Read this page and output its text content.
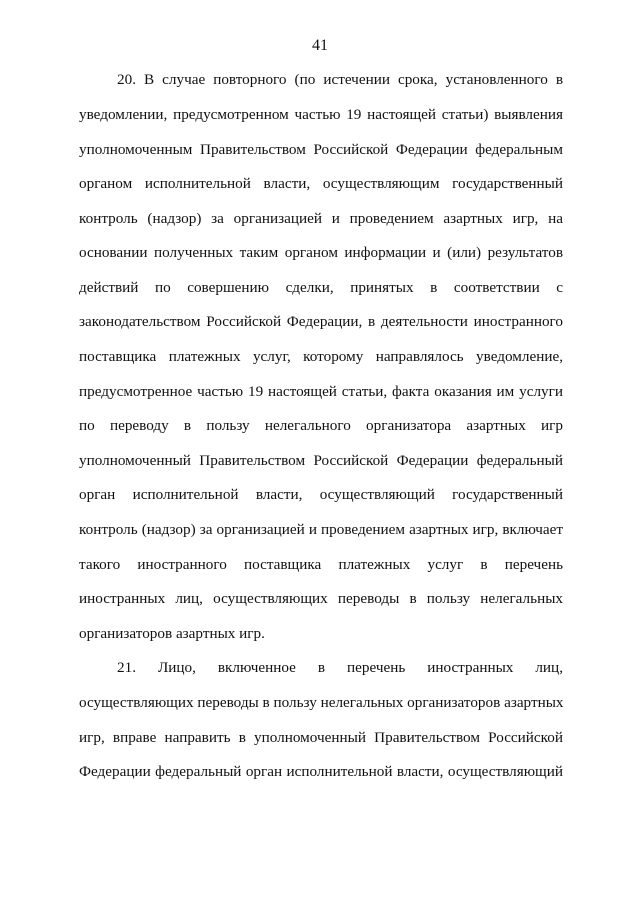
41
20. В случае повторного (по истечении срока, установленного в
уведомлении, предусмотренном частью 19 настоящей статьи) выявления
уполномоченным Правительством Российской Федерации федеральным
органом исполнительной власти, осуществляющим государственный
контроль (надзор) за организацией и проведением азартных игр, на
основании полученных таким органом информации и (или) результатов
действий по совершению сделки, принятых в соответствии с
законодательством Российской Федерации, в деятельности иностранного
поставщика платежных услуг, которому направлялось уведомление,
предусмотренное частью 19 настоящей статьи, факта оказания им услуги
по переводу в пользу нелегального организатора азартных игр
уполномоченный Правительством Российской Федерации федеральный
орган исполнительной власти, осуществляющий государственный
контроль (надзор) за организацией и проведением азартных игр, включает
такого иностранного поставщика платежных услуг в перечень
иностранных лиц, осуществляющих переводы в пользу нелегальных
организаторов азартных игр.
21. Лицо, включенное в перечень иностранных лиц,
осуществляющих переводы в пользу нелегальных организаторов азартных
игр, вправе направить в уполномоченный Правительством Российской
Федерации федеральный орган исполнительной власти, осуществляющий
